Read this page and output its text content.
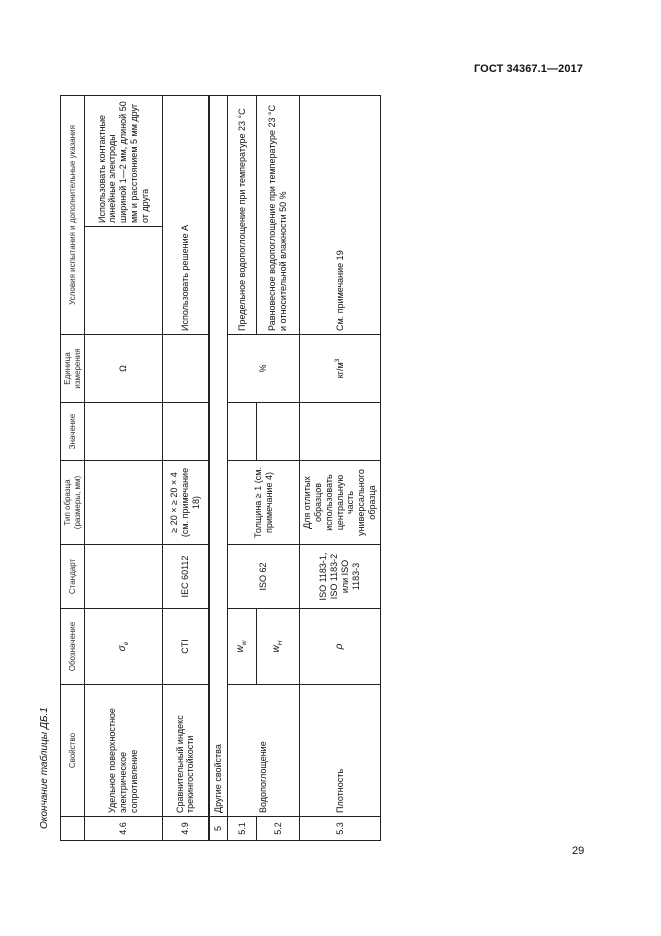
ГОСТ 34367.1—2017
Окончание таблицы ДБ.1
	Свойство	Обозначение	Стандарт	Тип образца (размеры, мм)	Значение	Единица измерения	Условия испытания и дополнительные указания	
4.6	Удельное поверхностное электрическое сопротивление	$\sigma_e$				Ω		Использовать контактные линейные электроды шириной 1—2 мм, длиной 50 мм и расстоянием 5 мм друг от друга
4.9	Сравнительный индекс трекингостойкости	CTI	IEC 60112	≥ 20 × ≥ 20 × 4 (см. примечание 18)			Использовать решение A	
5	Другие свойства							
5.1	Водопоглощение	$w_w$	ISO 62	Толщина ≥ 1 (см. примечание 4)		%	Предельное водопоглощение при температуре 23 °C	
5.2		$w_H$					Равновесное водопоглощение при температуре 23 °C и относительной влажности 50 %	
5.3	Плотность	ρ	ISO 1183-1, ISO 1183-2 или ISO 1183-3	Для отлитых образцов использовать центральную часть универсального образца		$кг/м^3$	См. примечание 19	
29
